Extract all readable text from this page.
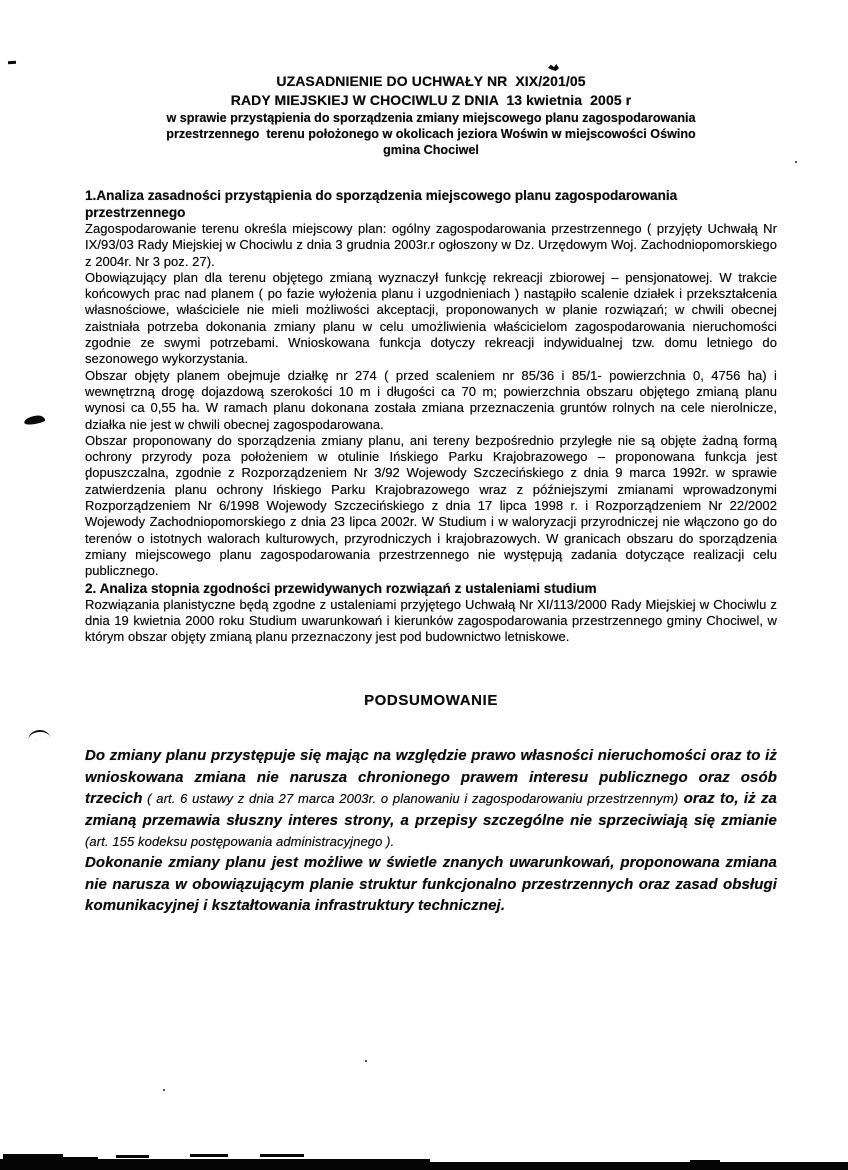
UZASADNIENIE DO UCHWAŁY NR  XIX/201/05
RADY MIEJSKIEJ W CHOCIWLU Z DNIA  13 kwietnia  2005 r
w sprawie przystąpienia do sporządzenia zmiany miejscowego planu zagospodarowania
przestrzennego  terenu położonego w okolicach jeziora Woświn w miejscowości Oświno
gmina Chociwel
1.Analiza zasadności przystąpienia do sporządzenia miejscowego planu zagospodarowania przestrzennego

Zagospodarowanie terenu określa miejscowy plan: ogólny zagospodarowania przestrzennego ( przyjęty Uchwałą Nr IX/93/03 Rady Miejskiej w Chociwlu z dnia 3 grudnia 2003r.r ogłoszony w Dz. Urzędowym Woj. Zachodniopomorskiego z 2004r. Nr 3 poz. 27).

Obowiązujący plan dla terenu objętego zmianą wyznaczył funkcję rekreacji zbiorowej – pensjonatowej. W trakcie końcowych prac nad planem ( po fazie wyłożenia planu i uzgodnieniach ) nastąpiło scalenie działek i przekształcenia własnościowe, właściciele nie mieli możliwości akceptacji, proponowanych w planie rozwiązań; w chwili obecnej zaistniała potrzeba dokonania zmiany planu w celu umożliwienia właścicielom zagospodarowania nieruchomości zgodnie ze swymi potrzebami. Wnioskowana funkcja dotyczy rekreacji indywidualnej tzw. domu letniego do sezonowego wykorzystania.

Obszar objęty planem obejmuje działkę nr 274 ( przed scaleniem nr 85/36 i 85/1- powierzchnia 0, 4756 ha) i wewnętrzną drogę dojazdową szerokości 10 m i długości ca 70 m; powierzchnia obszaru objętego zmianą planu wynosi ca 0,55 ha. W ramach planu dokonana została zmiana przeznaczenia gruntów rolnych na cele nierolnicze, działka nie jest w chwili obecnej zagospodarowana.

Obszar proponowany do sporządzenia zmiany planu, ani tereny bezpośrednio przyległe nie są objęte żadną formą ochrony przyrody poza położeniem w otulinie Ińskiego Parku Krajobrazowego – proponowana funkcja jest dopuszczalna, zgodnie z Rozporządzeniem Nr 3/92 Wojewody Szczecińskiego z dnia 9 marca 1992r. w sprawie zatwierdzenia planu ochrony Ińskiego Parku Krajobrazowego wraz z późniejszymi zmianami wprowadzonymi Rozporządzeniem Nr 6/1998 Wojewody Szczecińskiego z dnia 17 lipca 1998 r. i Rozporządzeniem Nr 22/2002 Wojewody Zachodniopomorskiego z dnia 23 lipca 2002r. W Studium i w waloryzacji przyrodniczej nie włączono go do terenów o istotnych walorach kulturowych, przyrodniczych i krajobrazowych. W granicach obszaru do sporządzenia zmiany miejscowego planu zagospodarowania przestrzennego nie występują zadania dotyczące realizacji celu publicznego.

2. Analiza stopnia zgodności przewidywanych rozwiązań z ustaleniami studium

Rozwiązania planistyczne będą zgodne z ustaleniami przyjętego Uchwałą Nr XI/113/2000 Rady Miejskiej w Chociwlu z dnia 19 kwietnia 2000 roku Studium uwarunkowań i kierunków zagospodarowania przestrzennego gminy Chociwel, w którym obszar objęty zmianą planu przeznaczony jest pod budownictwo letniskowe.

PODSUMOWANIE

Do zmiany planu przystępuje się mając na względzie prawo własności nieruchomości oraz to iż wnioskowana zmiana nie narusza chronionego prawem interesu publicznego oraz osób trzecich ( art. 6 ustawy z dnia 27 marca 2003r. o planowaniu i zagospodarowaniu przestrzennym) oraz to, iż za zmianą przemawia słuszny interes strony, a przepisy szczególne nie sprzeciwiają się zmianie (art. 155 kodeksu postępowania administracyjnego ).

Dokonanie zmiany planu jest możliwe w świetle znanych uwarunkowań, proponowana zmiana nie narusza w obowiązującym planie struktur funkcjonalno przestrzennych oraz zasad obsługi komunikacyjnej i kształtowania infrastruktury technicznej.
